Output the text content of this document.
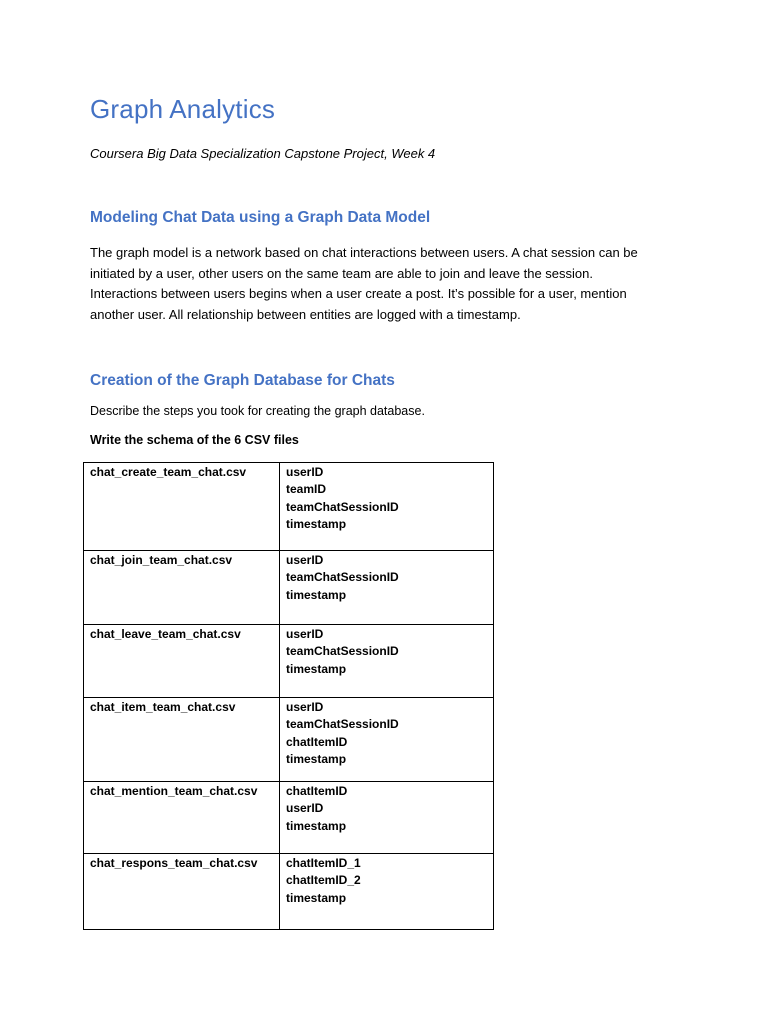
Graph Analytics

Coursera Big Data Specialization Capstone Project, Week 4

Modeling Chat Data using a Graph Data Model

The graph model is a network based on chat interactions between users. A chat session can be
initiated by a user, other users on the same team are able to join and leave the session.
Interactions between users begins when a user create a post. It’s possible for a user, mention
another user. All relationship between entities are logged with a timestamp.

Creation of the Graph Database for Chats

Describe the steps you took for creating the graph database.

Write the schema of the 6 CSV files

chat_create_team_chat.csv	userID
teamID
teamChatSessionID
timestamp

chat_join_team_chat.csv	userID
teamChatSessionID
timestamp

chat_leave_team_chat.csv	userID
teamChatSessionID
timestamp

chat_item_team_chat.csv	userID
teamChatSessionID
chatItemID
timestamp

chat_mention_team_chat.csv	chatItemID
userID
timestamp

chat_respons_team_chat.csv	chatItemID_1
chatItemID_2
timestamp
